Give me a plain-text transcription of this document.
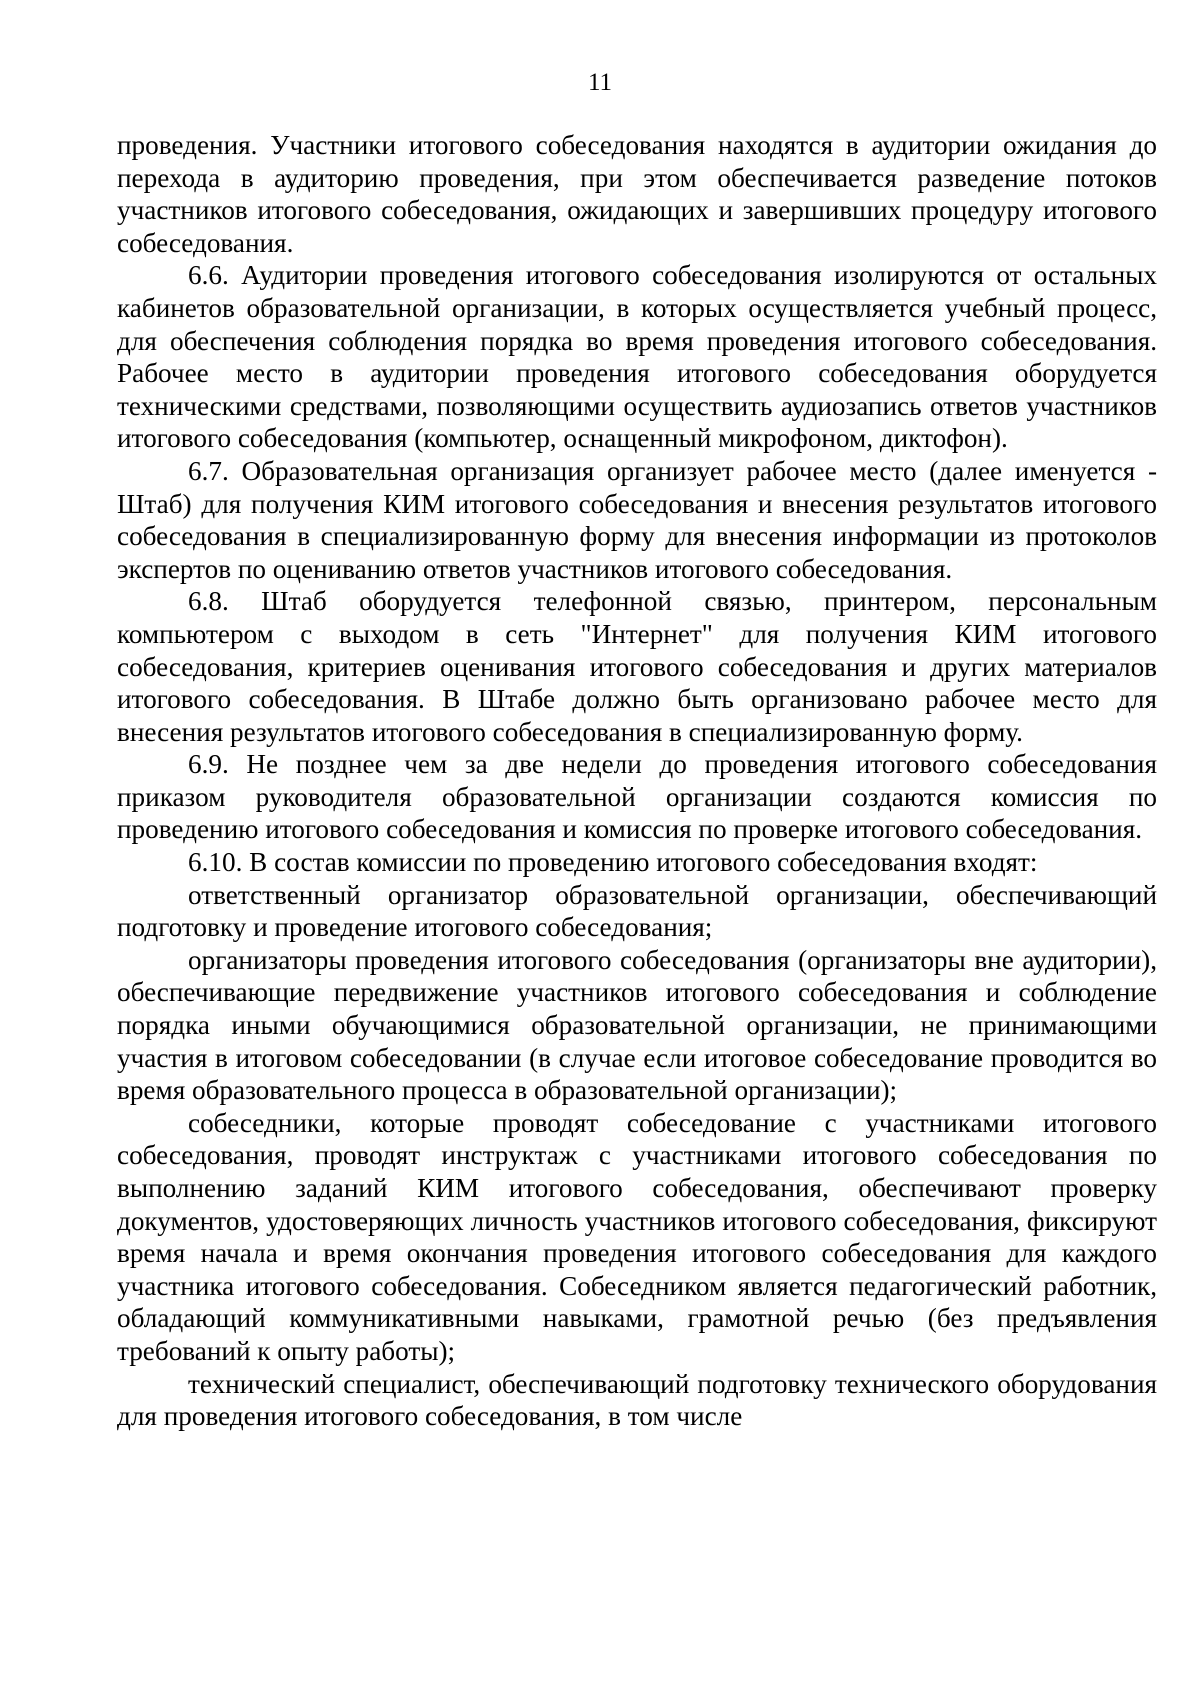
11

проведения. Участники итогового собеседования находятся в аудитории ожидания до перехода в аудиторию проведения, при этом обеспечивается разведение потоков участников итогового собеседования, ожидающих и завершивших процедуру итогового собеседования.

6.6. Аудитории проведения итогового собеседования изолируются от остальных кабинетов образовательной организации, в которых осуществляется учебный процесс, для обеспечения соблюдения порядка во время проведения итогового собеседования. Рабочее место в аудитории проведения итогового собеседования оборудуется техническими средствами, позволяющими осуществить аудиозапись ответов участников итогового собеседования (компьютер, оснащенный микрофоном, диктофон).

6.7. Образовательная организация организует рабочее место (далее именуется - Штаб) для получения КИМ итогового собеседования и внесения результатов итогового собеседования в специализированную форму для внесения информации из протоколов экспертов по оцениванию ответов участников итогового собеседования.

6.8. Штаб оборудуется телефонной связью, принтером, персональным компьютером с выходом в сеть "Интернет" для получения КИМ итогового собеседования, критериев оценивания итогового собеседования и других материалов итогового собеседования. В Штабе должно быть организовано рабочее место для внесения результатов итогового собеседования в специализированную форму.

6.9. Не позднее чем за две недели до проведения итогового собеседования приказом руководителя образовательной организации создаются комиссия по проведению итогового собеседования и комиссия по проверке итогового собеседования.

6.10. В состав комиссии по проведению итогового собеседования входят:

ответственный организатор образовательной организации, обеспечивающий подготовку и проведение итогового собеседования;

организаторы проведения итогового собеседования (организаторы вне аудитории), обеспечивающие передвижение участников итогового собеседования и соблюдение порядка иными обучающимися образовательной организации, не принимающими участия в итоговом собеседовании (в случае если итоговое собеседование проводится во время образовательного процесса в образовательной организации);

собеседники, которые проводят собеседование с участниками итогового собеседования, проводят инструктаж с участниками итогового собеседования по выполнению заданий КИМ итогового собеседования, обеспечивают проверку документов, удостоверяющих личность участников итогового собеседования, фиксируют время начала и время окончания проведения итогового собеседования для каждого участника итогового собеседования. Собеседником является педагогический работник, обладающий коммуникативными навыками, грамотной речью (без предъявления требований к опыту работы);

технический специалист, обеспечивающий подготовку технического оборудования для проведения итогового собеседования, в том числе
